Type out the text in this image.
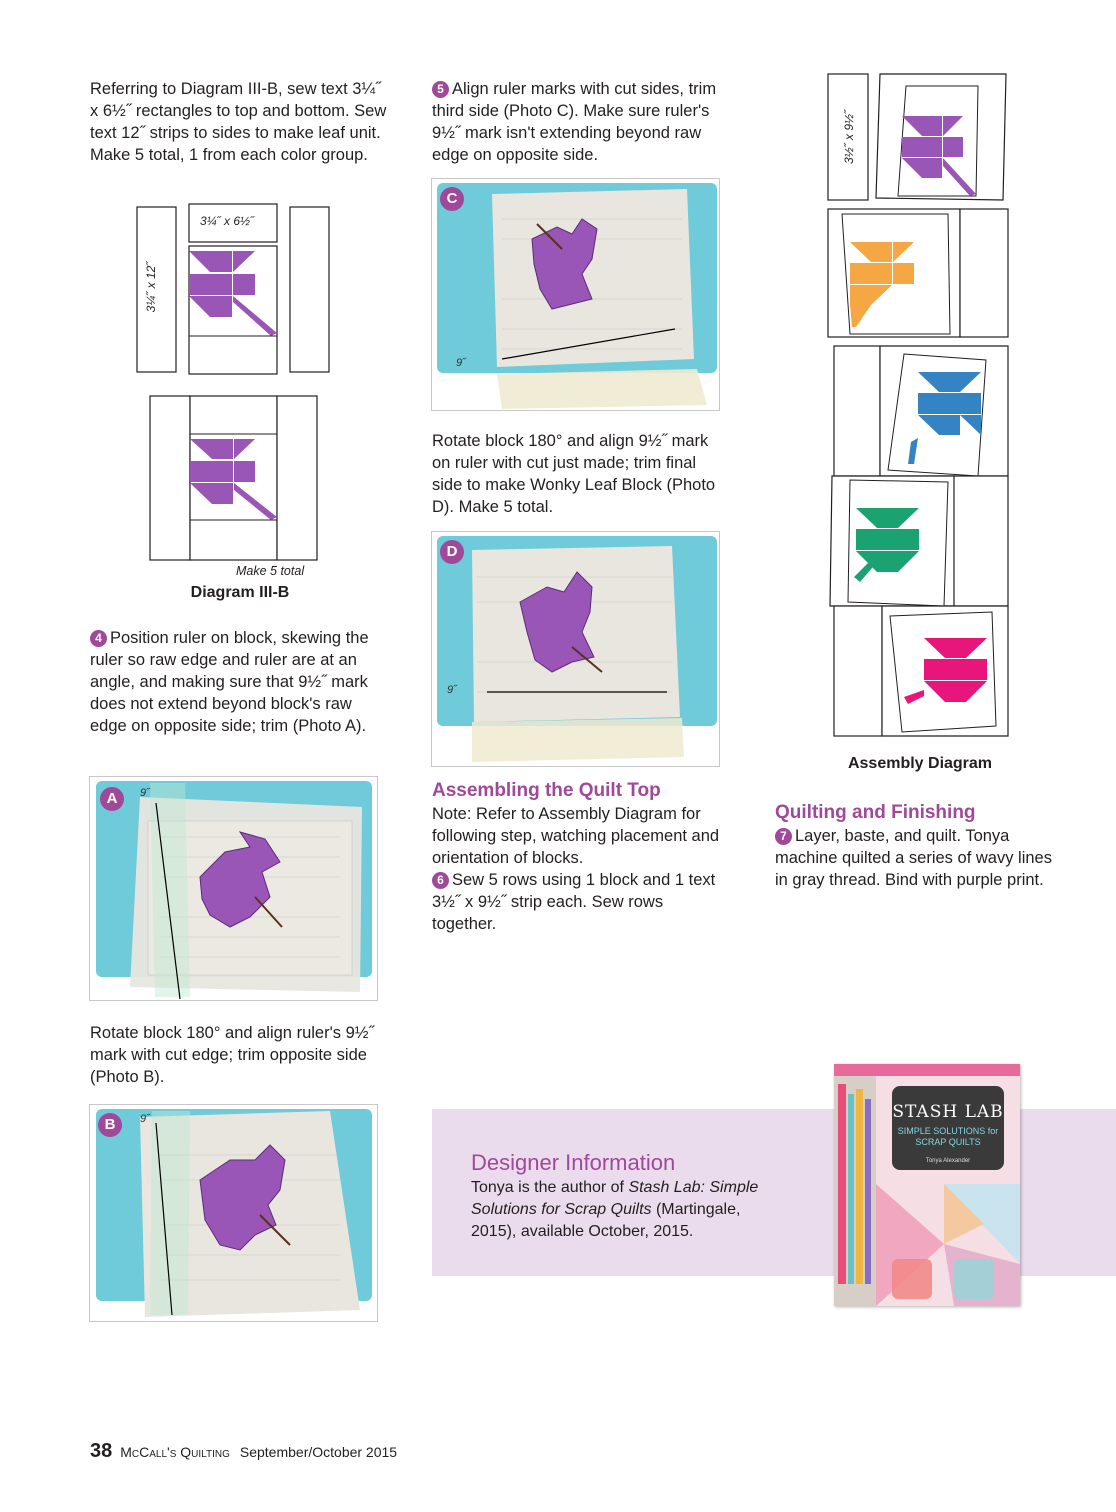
Referring to Diagram III-B, sew text 3¼˝ x 6½˝ rectangles to top and bottom. Sew text 12˝ strips to sides to make leaf unit. Make 5 total, 1 from each color group.
3¼˝ x 6½˝
3¼˝ x 12˝
Make 5 total
Diagram III-B
4 Position ruler on block, skewing the ruler so raw edge and ruler are at an angle, and making sure that 9½˝ mark does not extend beyond block's raw edge on opposite side; trim (Photo A).
A	9˝
Rotate block 180° and align ruler's 9½˝ mark with cut edge; trim opposite side (Photo B).
B	9˝
5 Align ruler marks with cut sides, trim third side (Photo C). Make sure ruler's 9½˝ mark isn't extending beyond raw edge on opposite side.
C
9˝
Rotate block 180° and align 9½˝ mark on ruler with cut just made; trim final side to make Wonky Leaf Block (Photo D). Make 5 total.
D
9˝
Assembling the Quilt Top
Note: Refer to Assembly Diagram for following step, watching placement and orientation of blocks.
6 Sew 5 rows using 1 block and 1 text 3½˝ x 9½˝ strip each. Sew rows together.
3½˝ x 9½˝
Assembly Diagram
Quilting and Finishing
7 Layer, baste, and quilt. Tonya machine quilted a series of wavy lines in gray thread. Bind with purple print.
Designer Information
Tonya is the author of Stash Lab: Simple Solutions for Scrap Quilts (Martingale, 2015), available October, 2015.
STASH LAB
SIMPLE SOLUTIONS for SCRAP QUILTS
Tonya Alexander
38 McCall's Quilting September/October 2015
